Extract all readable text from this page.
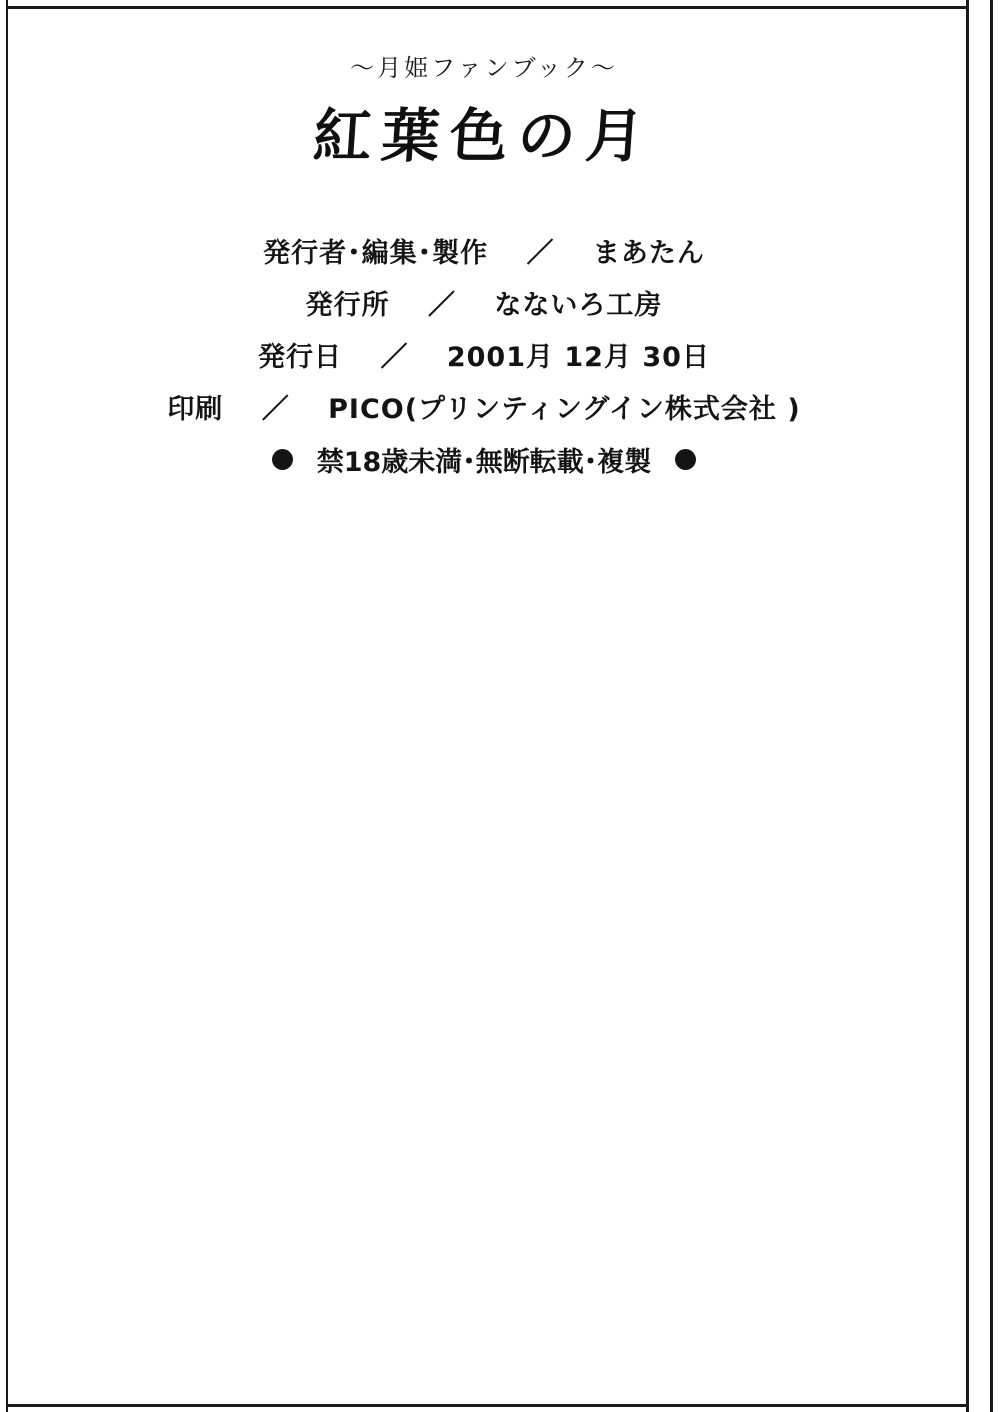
～月姫ファンブック～
紅葉色の月
発行者･編集･製作　 ／　 まあたん
発行所　 ／　 なないろ工房
発行日　 ／　 2001月 12月 30日
印刷　 ／　 PICO(プリンティングイン株式会社 )
禁18歳未満･無断転載･複製
